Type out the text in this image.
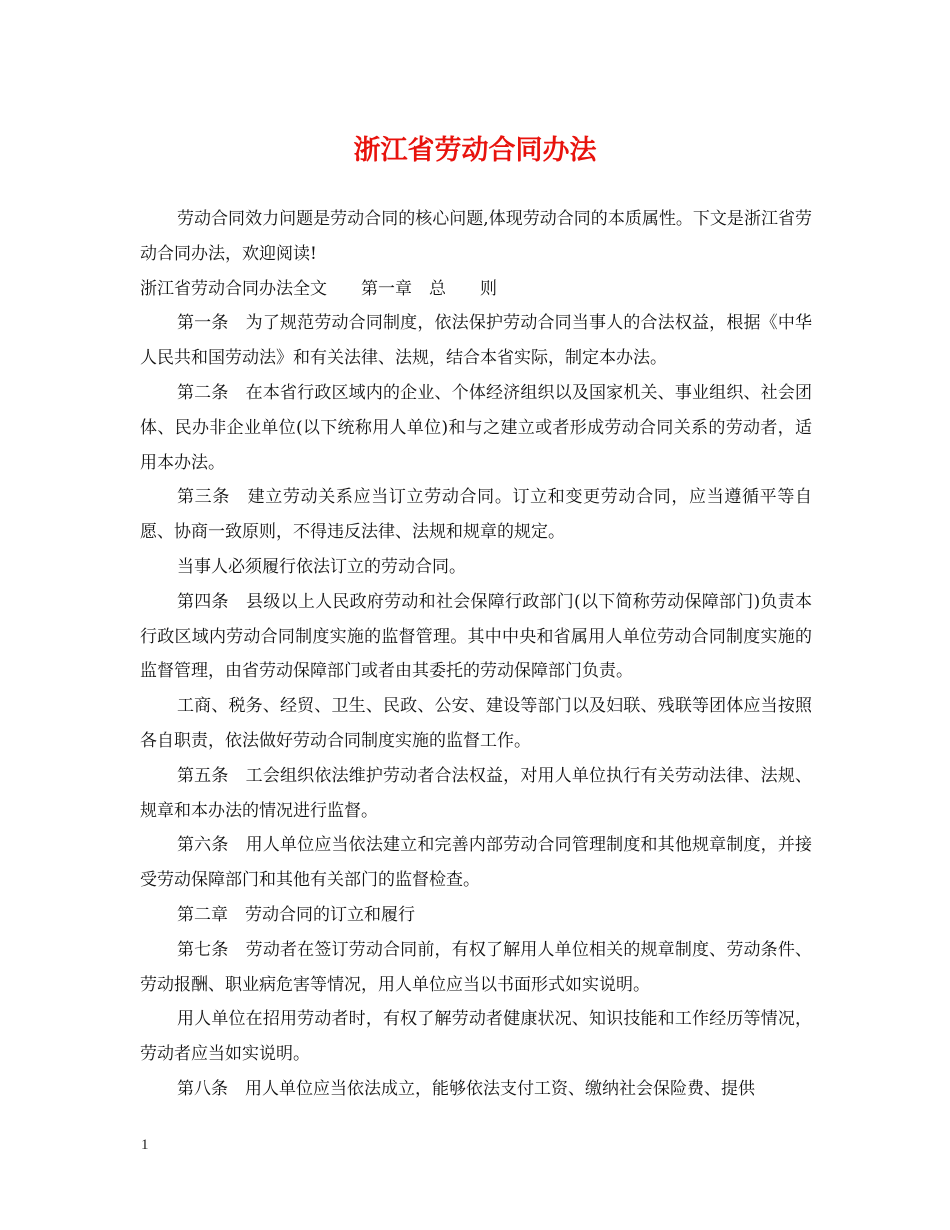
浙江省劳动合同办法

劳动合同效力问题是劳动合同的核心问题,体现劳动合同的本质属性。下文是浙江省劳动合同办法，欢迎阅读!

浙江省劳动合同办法全文　　第一章　总　　则

第一条　为了规范劳动合同制度，依法保护劳动合同当事人的合法权益，根据《中华人民共和国劳动法》和有关法律、法规，结合本省实际，制定本办法。

第二条　在本省行政区域内的企业、个体经济组织以及国家机关、事业组织、社会团体、民办非企业单位(以下统称用人单位)和与之建立或者形成劳动合同关系的劳动者，适用本办法。

第三条　建立劳动关系应当订立劳动合同。订立和变更劳动合同，应当遵循平等自愿、协商一致原则，不得违反法律、法规和规章的规定。

当事人必须履行依法订立的劳动合同。

第四条　县级以上人民政府劳动和社会保障行政部门(以下简称劳动保障部门)负责本行政区域内劳动合同制度实施的监督管理。其中中央和省属用人单位劳动合同制度实施的监督管理，由省劳动保障部门或者由其委托的劳动保障部门负责。

工商、税务、经贸、卫生、民政、公安、建设等部门以及妇联、残联等团体应当按照各自职责，依法做好劳动合同制度实施的监督工作。

第五条　工会组织依法维护劳动者合法权益，对用人单位执行有关劳动法律、法规、规章和本办法的情况进行监督。

第六条　用人单位应当依法建立和完善内部劳动合同管理制度和其他规章制度，并接受劳动保障部门和其他有关部门的监督检查。

第二章　劳动合同的订立和履行

第七条　劳动者在签订劳动合同前，有权了解用人单位相关的规章制度、劳动条件、劳动报酬、职业病危害等情况，用人单位应当以书面形式如实说明。

用人单位在招用劳动者时，有权了解劳动者健康状况、知识技能和工作经历等情况，劳动者应当如实说明。

第八条　用人单位应当依法成立，能够依法支付工资、缴纳社会保险费、提供

1
